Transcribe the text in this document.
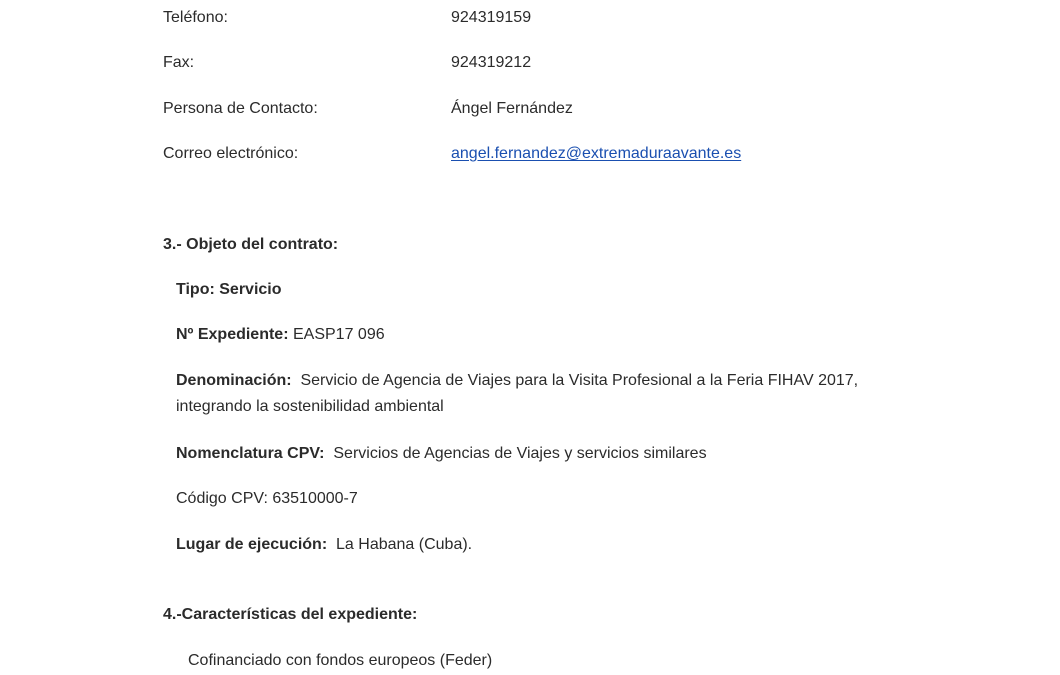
Teléfono:	924319159
Fax:	924319212
Persona de Contacto:	Ángel Fernández
Correo electrónico:	angel.fernandez@extremaduraavante.es
3.- Objeto del contrato:
Tipo: Servicio
Nº Expediente: EASP17 096
Denominación: Servicio de Agencia de Viajes para la Visita Profesional a la Feria FIHAV 2017, integrando la sostenibilidad ambiental
Nomenclatura CPV: Servicios de Agencias de Viajes y servicios similares
Código CPV: 63510000-7
Lugar de ejecución: La Habana (Cuba).
4.-Características del expediente:
Cofinanciado con fondos europeos (Feder)
